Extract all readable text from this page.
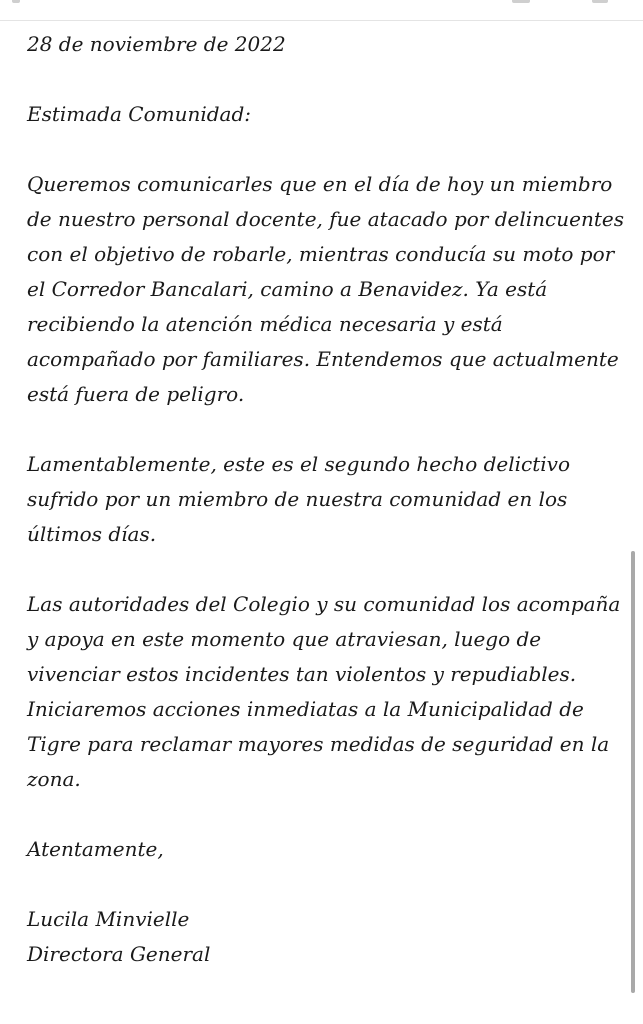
28 de noviembre de 2022

Estimada Comunidad:

Queremos comunicarles que en el día de hoy un miembro
de nuestro personal docente, fue atacado por delincuentes
con el objetivo de robarle, mientras conducía su moto por
el Corredor Bancalari, camino a Benavidez. Ya está
recibiendo la atención médica necesaria y está
acompañado por familiares. Entendemos que actualmente
está fuera de peligro.

Lamentablemente, este es el segundo hecho delictivo
sufrido por un miembro de nuestra comunidad en los
últimos días.

Las autoridades del Colegio y su comunidad los acompaña
y apoya en este momento que atraviesan, luego de
vivenciar estos incidentes tan violentos y repudiables.
Iniciaremos acciones inmediatas a la Municipalidad de
Tigre para reclamar mayores medidas de seguridad en la
zona.

Atentamente,

Lucila Minvielle

Directora General
